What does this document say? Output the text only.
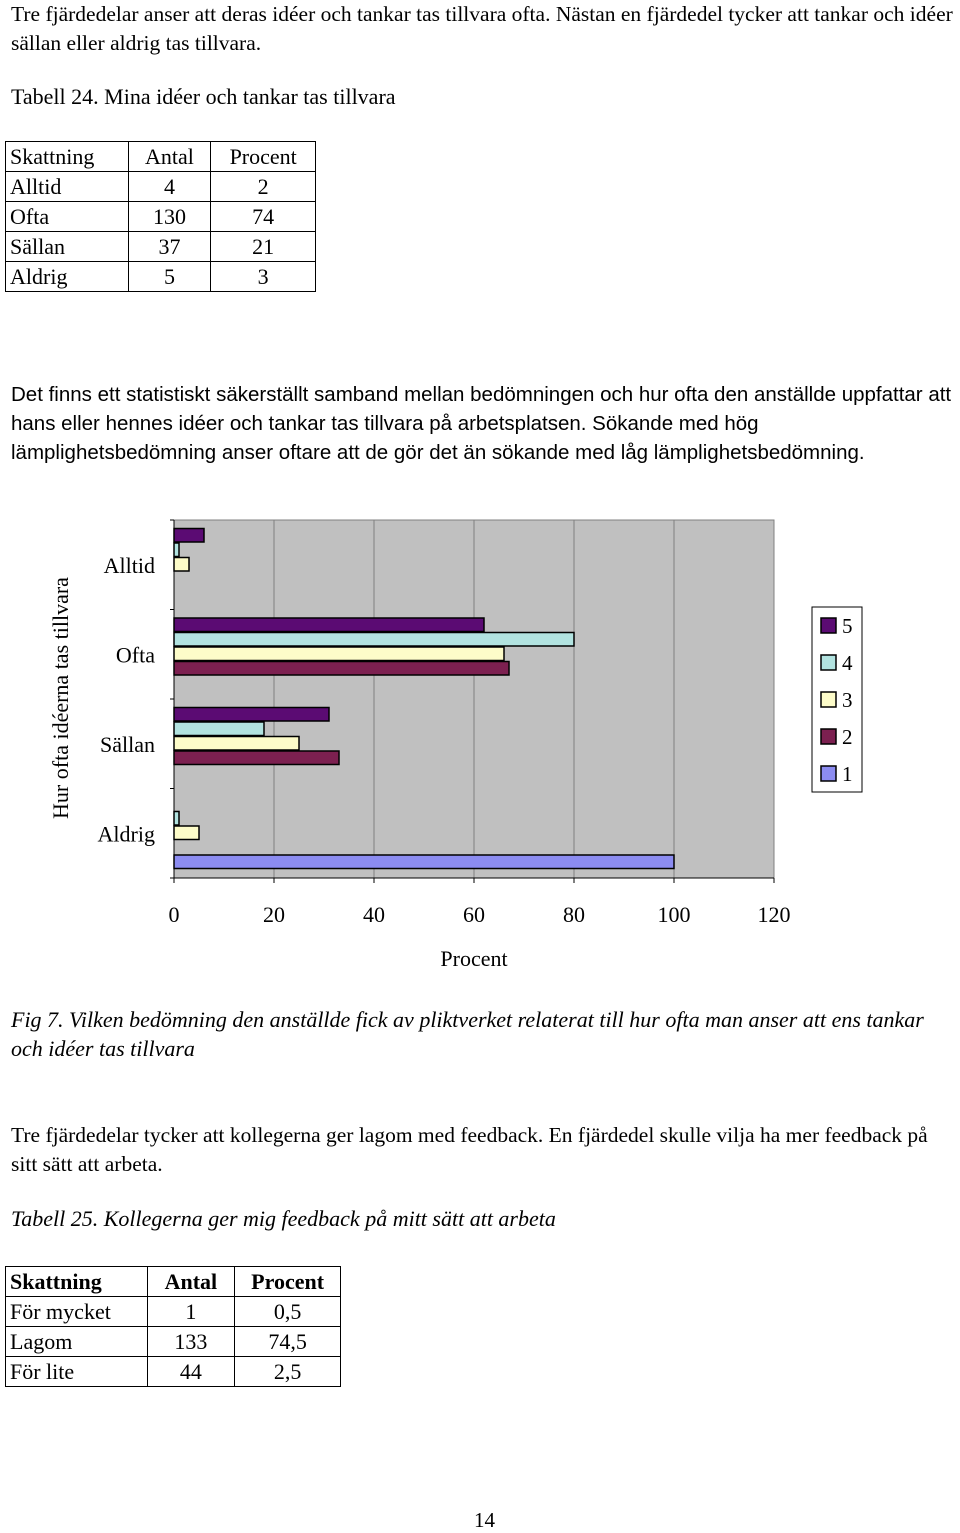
Tre fjärdedelar anser att deras idéer och tankar tas tillvara ofta. Nästan en fjärdedel tycker att tankar och idéer sällan eller aldrig tas tillvara.

Tabell 24. Mina idéer och tankar tas tillvara

Skattning	Antal	Procent
Alltid	4	2
Ofta	130	74
Sällan	37	21
Aldrig	5	3

Det finns ett statistiskt säkerställt samband mellan bedömningen och hur ofta den anställde uppfattar att hans eller hennes idéer och tankar tas tillvara på arbetsplatsen. Sökande med hög lämplighetsbedömning anser oftare att de gör det än sökande med låg lämplighetsbedömning.

Alltid
Ofta
Sällan
Aldrig
0	20	40	60	80	100	120
Procent
Hur ofta idéerna tas tillvara	5
4
3
2
1

Fig 7. Vilken bedömning den anställde fick av pliktverket relaterat till hur ofta man anser att ens tankar och idéer tas tillvara

Tre fjärdedelar tycker att kollegerna ger lagom med feedback. En fjärdedel skulle vilja ha mer feedback på sitt sätt att arbeta.

Tabell 25. Kollegerna ger mig feedback på mitt sätt att arbeta

Skattning	Antal	Procent
För mycket	1	0,5
Lagom	133	74,5
För lite	44	2,5
14
